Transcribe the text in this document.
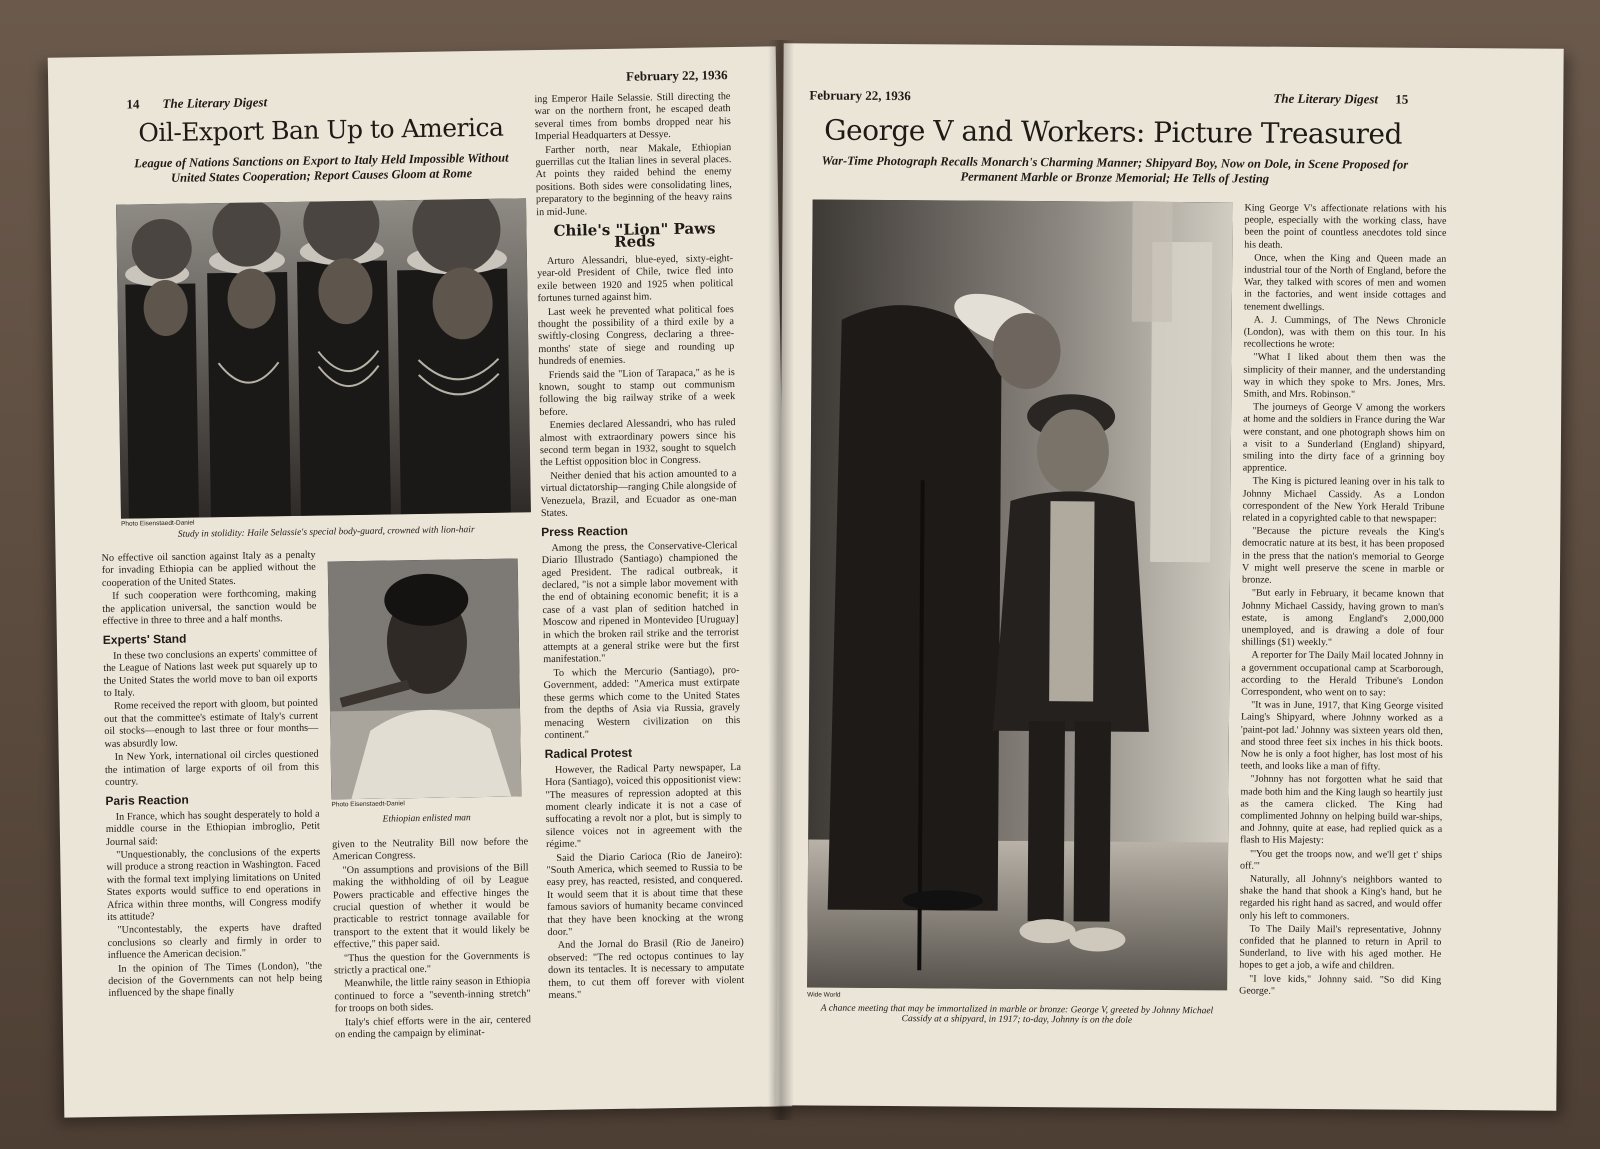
14 The Literary Digest
February 22, 1936
Oil-Export Ban Up to America
League of Nations Sanctions on Export to Italy Held Impossible Without United States Cooperation; Report Causes Gloom at Rome
Photo Eisenstaedt-Daniel
Study in stolidity: Haile Selassie's special body-guard, crowned with lion-hair
Photo Eisenstaedt-Daniel
Ethiopian enlisted man

ing Emperor Haile Selassie. Still directing the war on the northern front, he escaped death several times from bombs dropped near his Imperial Headquarters at Dessye.

Farther north, near Makale, Ethiopian guerrillas cut the Italian lines in several places. At points they raided behind the enemy positions. Both sides were consolidating lines, preparatory to the beginning of the heavy rains in mid-June.

Chile's "Lion" Paws Reds

Arturo Alessandri, blue-eyed, sixty-eight-year-old President of Chile, twice fled into exile between 1920 and 1925 when political fortunes turned against him.

Last week he prevented what political foes thought the possibility of a third exile by a swiftly-closing Congress, declaring a three-months' state of siege and rounding up hundreds of enemies.

Friends said the "Lion of Tarapaca," as he is known, sought to stamp out communism following the big railway strike of a week before.

Enemies declared Alessandri, who has ruled almost with extraordinary powers since his second term began in 1932, sought to squelch the Leftist opposition bloc in Congress.

Neither denied that his action amounted to a virtual dictatorship—ranging Chile alongside of Venezuela, Brazil, and Ecuador as one-man States.

Press Reaction

Among the press, the Conservative-Clerical Diario Illustrado (Santiago) championed the aged President. The radical outbreak, it declared, "is not a simple labor movement with the end of obtaining economic benefit; it is a case of a vast plan of sedition hatched in Moscow and ripened in Montevideo [Uruguay] in which the broken rail strike and the terrorist attempts at a general strike were but the first manifestation."

To which the Mercurio (Santiago), pro-Government, added: "America must extirpate these germs which come to the United States from the depths of Asia via Russia, gravely menacing Western civilization on this continent."

Radical Protest

However, the Radical Party newspaper, La Hora (Santiago), voiced this oppositionist view: "The measures of repression adopted at this moment clearly indicate it is not a case of suffocating a revolt nor a plot, but is simply to silence voices not in agreement with the régime."

Said the Diario Carioca (Rio de Janeiro): "South America, which seemed to Russia to be easy prey, has reacted, resisted, and conquered. It would seem that it is about time that these famous saviors of humanity became convinced that they have been knocking at the wrong door."

And the Jornal do Brasil (Rio de Janeiro) observed: "The red octopus continues to lay down its tentacles. It is necessary to amputate them, to cut them off forever with violent means."

No effective oil sanction against Italy as a penalty for invading Ethiopia can be applied without the cooperation of the United States.

If such cooperation were forthcoming, making the application universal, the sanction would be effective in three to three and a half months.

Experts' Stand

In these two conclusions an experts' committee of the League of Nations last week put squarely up to the United States the world move to ban oil exports to Italy.

Rome received the report with gloom, but pointed out that the committee's estimate of Italy's current oil stocks—enough to last three or four months—was absurdly low.

In New York, international oil circles questioned the intimation of large exports of oil from this country.

Paris Reaction

In France, which has sought desperately to hold a middle course in the Ethiopian imbroglio, Petit Journal said:

"Unquestionably, the conclusions of the experts will produce a strong reaction in Washington. Faced with the formal text implying limitations on United States exports would suffice to end operations in Africa within three months, will Congress modify its attitude?

"Uncontestably, the experts have drafted conclusions so clearly and firmly in order to influence the American decision."

In the opinion of The Times (London), "the decision of the Governments can not help being influenced by the shape finally

given to the Neutrality Bill now before the American Congress.

"On assumptions and provisions of the Bill making the withholding of oil by League Powers practicable and effective hinges the crucial question of whether it would be practicable to restrict tonnage available for transport to the extent that it would likely be effective," this paper said.

"Thus the question for the Governments is strictly a practical one."

Meanwhile, the little rainy season in Ethiopia continued to force a "seventh-inning stretch" for troops on both sides.

Italy's chief efforts were in the air, centered on ending the campaign by eliminat-

February 22, 1936	The Literary Digest 15
George V and Workers: Picture Treasured
War-Time Photograph Recalls Monarch's Charming Manner; Shipyard Boy, Now on Dole, in Scene Proposed for Permanent Marble or Bronze Memorial; He Tells of Jesting
Wide World
A chance meeting that may be immortalized in marble or bronze: George V, greeted by Johnny Michael Cassidy at a shipyard, in 1917; to-day, Johnny is on the dole

King George V's affectionate relations with his people, especially with the working class, have been the point of countless anecdotes told since his death.

Once, when the King and Queen made an industrial tour of the North of England, before the War, they talked with scores of men and women in the factories, and went inside cottages and tenement dwellings.

A. J. Cummings, of The News Chronicle (London), was with them on this tour. In his recollections he wrote:

"What I liked about them then was the simplicity of their manner, and the understanding way in which they spoke to Mrs. Jones, Mrs. Smith, and Mrs. Robinson."

The journeys of George V among the workers at home and the soldiers in France during the War were constant, and one photograph shows him on a visit to a Sunderland (England) shipyard, smiling into the dirty face of a grinning boy apprentice.

The King is pictured leaning over in his talk to Johnny Michael Cassidy. As a London correspondent of the New York Herald Tribune related in a copyrighted cable to that newspaper:

"Because the picture reveals the King's democratic nature at its best, it has been proposed in the press that the nation's memorial to George V might well preserve the scene in marble or bronze.

"But early in February, it became known that Johnny Michael Cassidy, having grown to man's estate, is among England's 2,000,000 unemployed, and is drawing a dole of four shillings ($1) weekly."

A reporter for The Daily Mail located Johnny in a government occupational camp at Scarborough, according to the Herald Tribune's London Correspondent, who went on to say:

"It was in June, 1917, that King George visited Laing's Shipyard, where Johnny worked as a 'paint-pot lad.' Johnny was sixteen years old then, and stood three feet six inches in his thick boots. Now he is only a foot higher, has lost most of his teeth, and looks like a man of fifty.

"Johnny has not forgotten what he said that made both him and the King laugh so heartily just as the camera clicked. The King had complimented Johnny on helping build war-ships, and Johnny, quite at ease, had replied quick as a flash to His Majesty:

"'You get the troops now, and we'll get t' ships off.'"

Naturally, all Johnny's neighbors wanted to shake the hand that shook a King's hand, but he regarded his right hand as sacred, and would offer only his left to commoners.

To The Daily Mail's representative, Johnny confided that he planned to return in April to Sunderland, to live with his aged mother. He hopes to get a job, a wife and children.

"I love kids," Johnny said. "So did King George."
